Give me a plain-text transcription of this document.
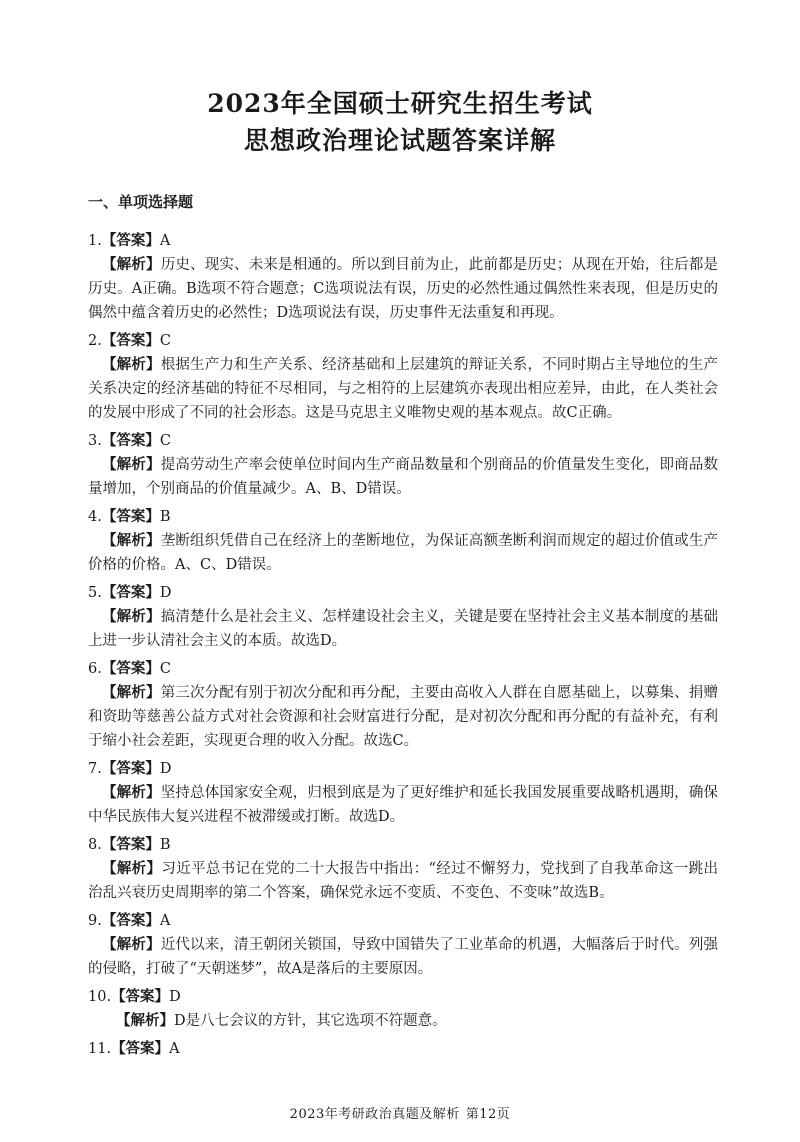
2023年全国硕士研究生招生考试
思想政治理论试题答案详解
一、单项选择题
1.【答案】A
【解析】历史、现实、未来是相通的。所以到目前为止，此前都是历史；从现在开始，往后都是历史。A正确。B选项不符合题意；C选项说法有误，历史的必然性通过偶然性来表现，但是历史的偶然中蕴含着历史的必然性；D选项说法有误，历史事件无法重复和再现。
2.【答案】C
【解析】根据生产力和生产关系、经济基础和上层建筑的辩证关系，不同时期占主导地位的生产关系决定的经济基础的特征不尽相同，与之相符的上层建筑亦表现出相应差异，由此，在人类社会的发展中形成了不同的社会形态。这是马克思主义唯物史观的基本观点。故C正确。
3.【答案】C
【解析】提高劳动生产率会使单位时间内生产商品数量和个别商品的价值量发生变化，即商品数量增加，个别商品的价值量减少。A、B、D错误。
4.【答案】B
【解析】垄断组织凭借自己在经济上的垄断地位，为保证高额垄断利润而规定的超过价值或生产价格的价格。A、C、D错误。
5.【答案】D
【解析】搞清楚什么是社会主义、怎样建设社会主义，关键是要在坚持社会主义基本制度的基础上进一步认清社会主义的本质。故选D。
6.【答案】C
【解析】第三次分配有别于初次分配和再分配，主要由高收入人群在自愿基础上，以募集、捐赠和资助等慈善公益方式对社会资源和社会财富进行分配，是对初次分配和再分配的有益补充，有利于缩小社会差距，实现更合理的收入分配。故选C。
7.【答案】D
【解析】坚持总体国家安全观，归根到底是为了更好维护和延长我国发展重要战略机遇期，确保中华民族伟大复兴进程不被滞缓或打断。故选D。
8.【答案】B
【解析】习近平总书记在党的二十大报告中指出：“经过不懈努力，党找到了自我革命这一跳出治乱兴衰历史周期率的第二个答案，确保党永远不变质、不变色、不变味”故选B。
9.【答案】A
【解析】近代以来，清王朝闭关锁国，导致中国错失了工业革命的机遇，大幅落后于时代。列强的侵略，打破了“天朝迷梦”，故A是落后的主要原因。
10.【答案】D
【解析】D是八七会议的方针，其它选项不符题意。
11.【答案】A
2023年考研政治真题及解析 第12页
